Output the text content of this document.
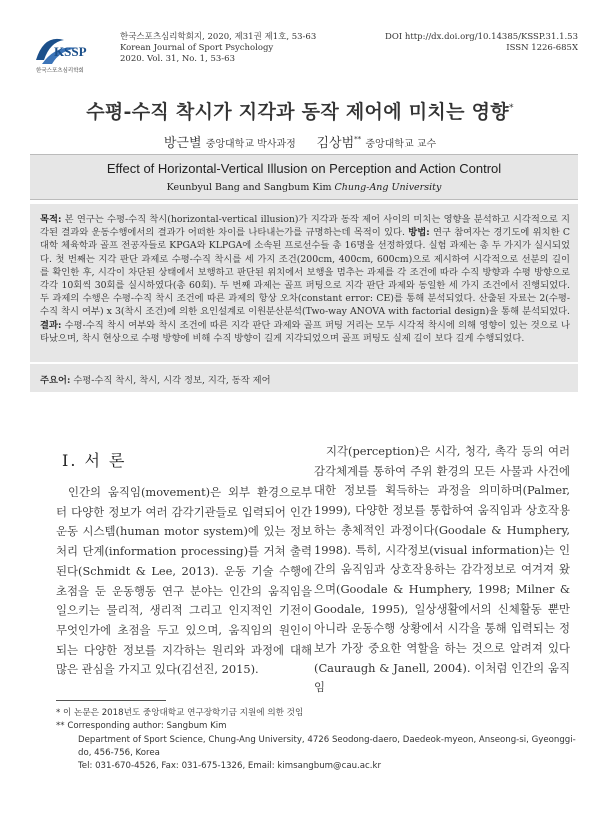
KSSP
한국스포츠심리학회
한국스포츠심리학회지, 2020, 제31권 제1호, 53-63
Korean Journal of Sport Psychology
2020. Vol. 31, No. 1, 53-63
DOI http://dx.doi.org/10.14385/KSSP.31.1.53
ISSN 1226-685X
수평-수직 착시가 지각과 동작 제어에 미치는 영향*
방근별 중앙대학교 박사과정 김상범** 중앙대학교 교수
Effect of Horizontal-Vertical Illusion on Perception and Action Control
Keunbyul Bang and Sangbum Kim Chung-Ang University
목적: 본 연구는 수평-수직 착시(horizontal-vertical illusion)가 지각과 동작 제어 사이의 미치는 영향을 분석하고 시각적으로 지각된 결과와 운동수행에서의 결과가 어떠한 차이를 나타내는가를 규명하는데 목적이 있다. 방법: 연구 참여자는 경기도에 위치한 C 대학 체육학과 골프 전공자들로 KPGA와 KLPGA에 소속된 프로선수들 총 16명을 선정하였다. 실험 과제는 총 두 가지가 실시되었다. 첫 번째는 지각 판단 과제로 수평-수직 착시를 세 가지 조건(200cm, 400cm, 600cm)으로 제시하여 시각적으로 선분의 길이를 확인한 후, 시각이 차단된 상태에서 보행하고 판단된 위치에서 보행을 멈추는 과제를 각 조건에 따라 수직 방향과 수평 방향으로 각각 10회씩 30회를 실시하였다(총 60회). 두 번째 과제는 골프 퍼팅으로 지각 판단 과제와 동일한 세 가지 조건에서 진행되었다. 두 과제의 수행은 수평-수직 착시 조건에 따른 과제의 항상 오차(constant error: CE)를 통해 분석되었다. 산출된 자료는 2(수평-수직 착시 여부) x 3(착시 조건)에 의한 요인설계로 이원분산분석(Two-way ANOVA with factorial design)을 통해 분석되었다. 결과: 수평-수직 착시 여부와 착시 조건에 따른 지각 판단 과제와 골프 퍼팅 거리는 모두 시각적 착시에 의해 영향이 있는 것으로 나타났으며, 착시 현상으로 수평 방향에 비해 수직 방향이 길게 지각되었으며 골프 퍼팅도 실제 길이 보다 길게 수행되었다.
주요어: 수평-수직 착시, 착시, 시각 정보, 지각, 동작 제어
Ⅰ. 서 론
인간의 움직임(movement)은 외부 환경으로부터 다양한 정보가 여러 감각기관들로 입력되어 인간 운동 시스템(human motor system)에 있는 정보처리 단계(information processing)를 거쳐 출력된다(Schmidt & Lee, 2013). 운동 기술 수행에 초점을 둔 운동행동 연구 분야는 인간의 움직임을 일으키는 물리적, 생리적 그리고 인지적인 기전이 무엇인가에 초점을 두고 있으며, 움직임의 원인이 되는 다양한 정보를 지각하는 원리와 과정에 대해 많은 관심을 가지고 있다(김선진, 2015).
지각(perception)은 시각, 청각, 촉각 등의 여러 감각체계를 통하여 주위 환경의 모든 사물과 사건에 대한 정보를 획득하는 과정을 의미하며(Palmer, 1999), 다양한 정보를 통합하여 움직임과 상호작용 하는 총체적인 과정이다(Goodale & Humphery, 1998). 특히, 시각정보(visual information)는 인간의 움직임과 상호작용하는 감각정보로 여겨져 왔으며(Goodale & Humphery, 1998; Milner & Goodale, 1995), 일상생활에서의 신체활동 뿐만 아니라 운동수행 상황에서 시각을 통해 입력되는 정보가 가장 중요한 역할을 하는 것으로 알려져 있다(Cauraugh & Janell, 2004). 이처럼 인간의 움직임
* 이 논문은 2018년도 중앙대학교 연구장학기금 지원에 의한 것임
** Corresponding author: Sangbum Kim
Department of Sport Science, Chung-Ang University, 4726 Seodong-daero, Daedeok-myeon, Anseong-si, Gyeonggi-do, 456-756, Korea
Tel: 031-670-4526, Fax: 031-675-1326, Email: kimsangbum@cau.ac.kr
